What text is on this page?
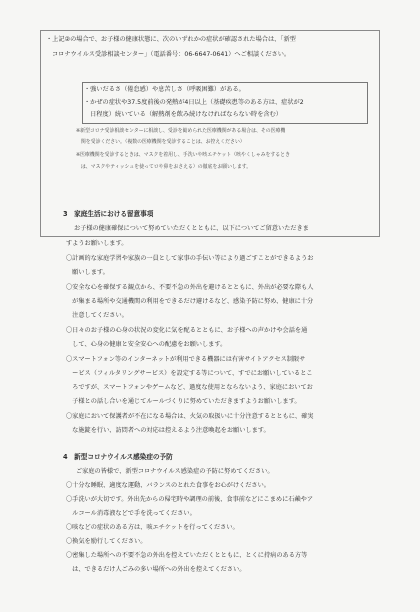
・上記②の場合で、お子様の健康状態に、次のいずれかの症状が確認された場合は、「新型
コロナウイルス受診相談センター」（電話番号：06-6647-0641）へご相談ください。
・強いだるさ（倦怠感）や息苦しさ（呼吸困難）がある。
・かぜの症状や37.5度前後の発熱が4日以上（基礎疾患等のある方は、症状が2
　日程度）続いている（解熱剤を飲み続けなければならない時を含む）
※新型コロナ受診相談センターに相談し、受診を勧められた医療機関がある場合は、その医療機
　関を受診ください。（複数の医療機関を受診することは、お控えください）
※医療機関を受診するときは、マスクを着用し、手洗いや咳エチケット（咳やくしゃみをするとき
　は、マスクやティッシュを使ってロや鼻をおさえる）の徹底をお願いします。
3　家庭生活における留意事項
お子様の健康確保について努めていただくとともに、以下についてご留意いただきま
すようお願いします。
〇計画的な家庭学習や家族の一員として家事の手伝い等により過ごすことができるようお
　願いします。
〇安全な心を確保する観点から、不要不急の外出を避けるとともに、外出が必要な際も人
　が集まる場所や交通機関の利用をできるだけ避けるなど、感染予防に努め、健康に十分
　注意してください。
〇日々のお子様の心身の状況の変化に気を配るとともに、お子様への声かけや会話を通
　して、心身の健康と安全安心への配慮をお願いします。
〇スマートフォン等のインターネットが利用できる機器には有害サイトアクセス制限サ
　ービス（フィルタリングサービス）を設定する等について、すでにお願いしているとこ
　ろですが、スマートフォンやゲームなど、過度な使用とならないよう、家庭においてお
　子様との話し合いを通じてルールづくりに努めていただきますようお願いします。
〇家庭において保護者が不在になる場合は、火気の取扱いに十分注意するとともに、確実
　な施錠を行い、訪問者への対応は控えるよう注意喚起をお願いします。
4　新型コロナウイルス感染症の予防
ご家庭の皆様で、新型コロナウイルス感染症の予防に努めてください。
〇十分な睡眠、適度な運動、バランスのとれた食事をお心がけください。
〇手洗いが大切です。外出先からの帰宅時や調理の前後、食事前などにこまめに石鹸やア
　ルコール消毒液などで手を洗ってください。
〇咳などの症状のある方は、咳エチケットを行ってください。
〇換気を励行してください。
〇密集した場所への不要不急の外出を控えていただくとともに、とくに持病のある方等
　は、できるだけ人ごみの多い場所への外出を控えてください。
